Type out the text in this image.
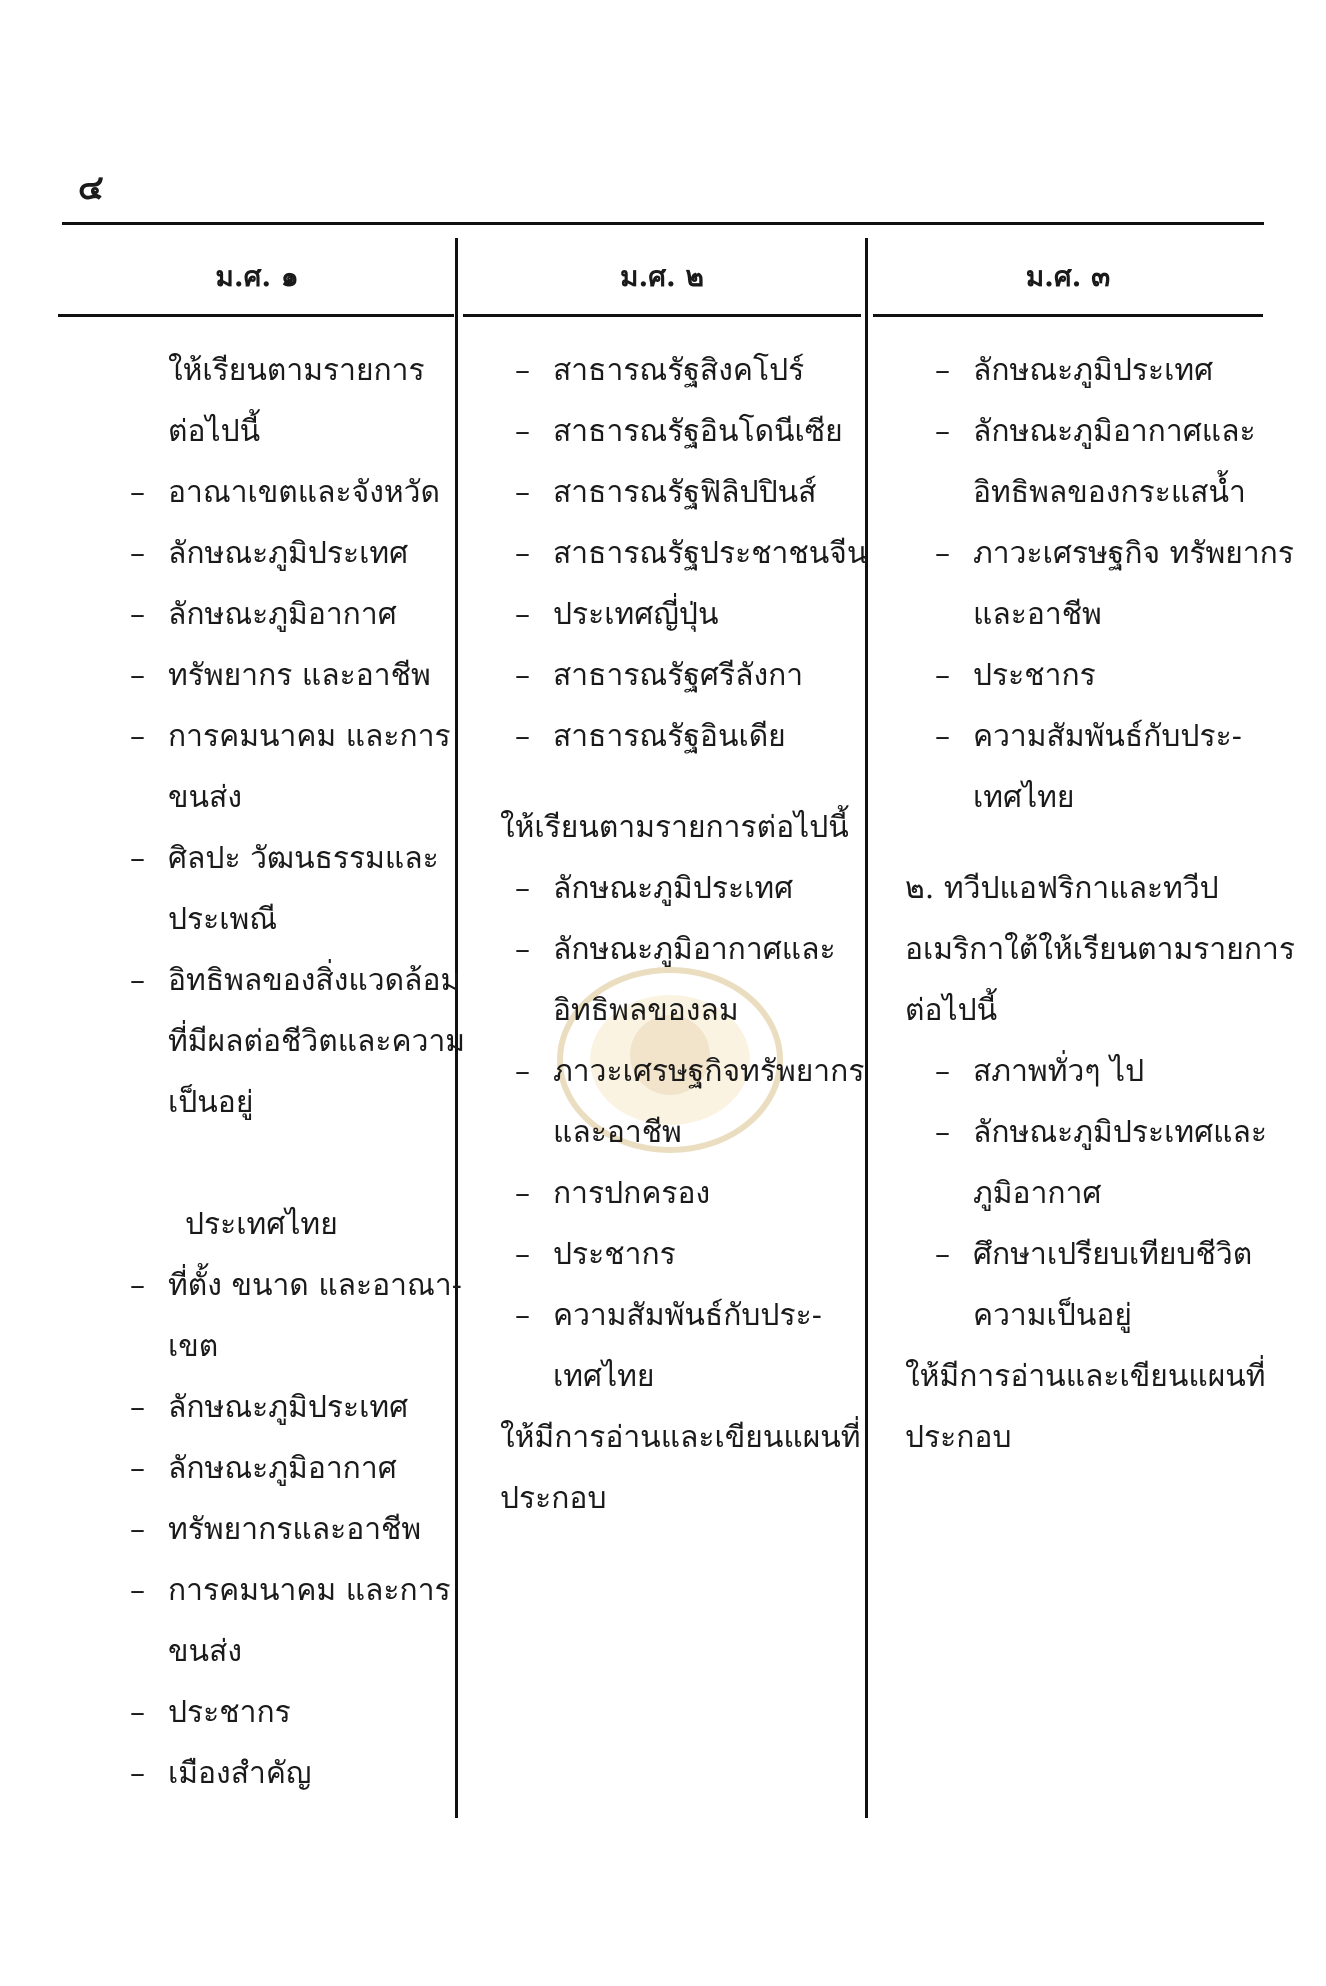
๔
ม.ศ. ๑	ม.ศ. ๒	ม.ศ. ๓
ให้เรียนตามรายการ
ต่อไปนี้
– อาณาเขตและจังหวัด
– ลักษณะภูมิประเทศ
– ลักษณะภูมิอากาศ
– ทรัพยากร และอาชีพ
– การคมนาคม และการ
ขนส่ง
– ศิลปะ วัฒนธรรมและ
ประเพณี
– อิทธิพลของสิ่งแวดล้อม
ที่มีผลต่อชีวิตและความ
เป็นอยู่
ประเทศไทย
– ที่ตั้ง ขนาด และอาณา-
เขต
– ลักษณะภูมิประเทศ
– ลักษณะภูมิอากาศ
– ทรัพยากรและอาชีพ
– การคมนาคม และการ
ขนส่ง
– ประชากร
– เมืองสำคัญ
– สาธารณรัฐสิงคโปร์
– สาธารณรัฐอินโดนีเซีย
– สาธารณรัฐฟิลิปปินส์
– สาธารณรัฐประชาชนจีน
– ประเทศญี่ปุ่น
– สาธารณรัฐศรีลังกา
– สาธารณรัฐอินเดีย
ให้เรียนตามรายการต่อไปนี้
– ลักษณะภูมิประเทศ
– ลักษณะภูมิอากาศและ
อิทธิพลของลม
– ภาวะเศรษฐกิจทรัพยากร
และอาชีพ
– การปกครอง
– ประชากร
– ความสัมพันธ์กับประ-
เทศไทย
ให้มีการอ่านและเขียนแผนที่
ประกอบ
– ลักษณะภูมิประเทศ
– ลักษณะภูมิอากาศและ
อิทธิพลของกระแสน้ำ
– ภาวะเศรษฐกิจ ทรัพยากร
และอาชีพ
– ประชากร
– ความสัมพันธ์กับประ-
เทศไทย
๒. ทวีปแอฟริกาและทวีป
อเมริกาใต้ให้เรียนตามรายการ
ต่อไปนี้
– สภาพทั่วๆ ไป
– ลักษณะภูมิประเทศและ
ภูมิอากาศ
– ศึกษาเปรียบเทียบชีวิต
ความเป็นอยู่
ให้มีการอ่านและเขียนแผนที่
ประกอบ
